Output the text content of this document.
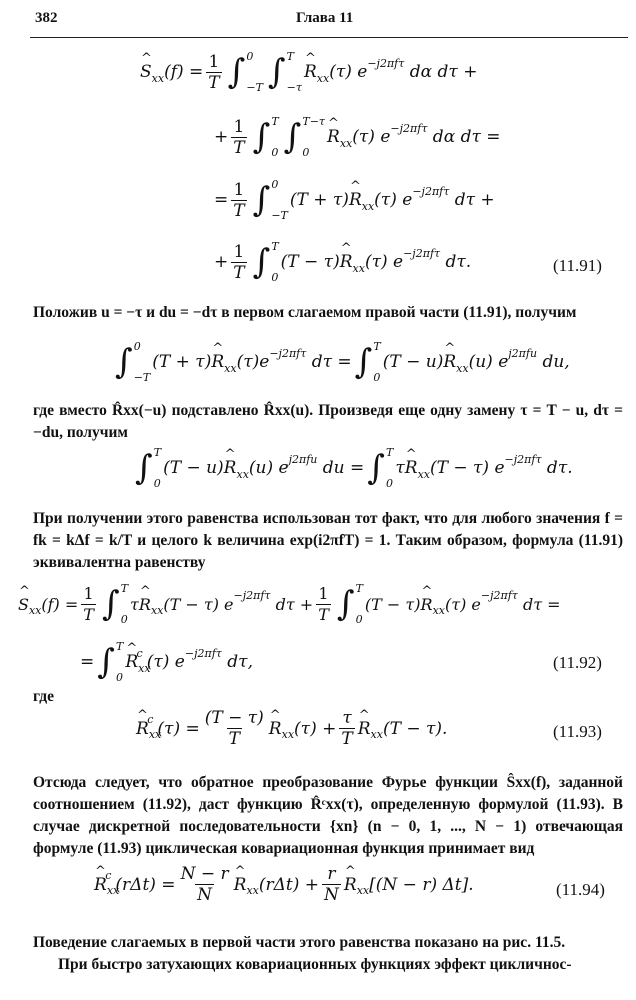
382	Глава 11
^ S xx $(f) = \frac{1}{T}$ ∫ 0
−T ∫ T
−τ
^ R xx (τ) e −j2πfτ dα dτ +
+ $\frac{1}{T}$ ∫ T
0 ∫ T−τ
0
^ R xx (τ) e −j2πfτ dα dτ =
= $\frac{1}{T}$ ∫ 0
−T
(T + τ) ^ R xx (τ) e −j2πfτ dτ +
+ $\frac{1}{T}$ ∫ T
0
(T − τ) ^ R xx (τ) e −j2πfτ dτ.	(11.91)
Положив u = −τ и du = −dτ в первом слагаемом правой части (11.91), получим
∫ 0
−T
(T + τ) ^ R xx (τ)e −j2πfτ dτ = ∫ T
0
(T − u) ^ R xx (u) e j2πfu du,
где вместо R̂xx(−u) подставлено R̂xx(u). Произведя еще одну замену τ = T − u, dτ = −du, получим
∫ T
0
(T − u) ^ R xx (u) e j2πfu du = ∫ T
0
τ ^ R xx (T − τ) e −j2πfτ dτ.
При получении этого равенства использован тот факт, что для любого значения f = fk = kΔf = k/T и целого k величина exp(i2πfT) = 1. Таким образом, формула (11.91) эквивалентна равенству
^ S xx $(f) = \frac{1}{T}$ ∫ T
0
τ ^ R xx (T − τ) e −j2πfτ $d\tau + \frac{1}{T}$ ∫ T
0
(T − τ) ^ R xx (τ) e −j2πfτ dτ =
= ∫ T
0
^ R xx
c (τ) e −j2πfτ dτ,	(11.92)
где
^ R xx
c $(\tau) = \frac{(T - \tau)}{T}$ ^ R xx $(\tau) + \frac{\tau}{T}$ ^ R xx (T − τ).	(11.93)
Отсюда следует, что обратное преобразование Фурье функции Ŝxx(f), заданной соотношением (11.92), даст функцию R̂ᶜxx(τ), определенную формулой (11.93). В случае дискретной последовательности {xn} (n − 0, 1, ..., N − 1) отвечающая формуле (11.93) циклическая ковариационная функция принимает вид
^ R xx
c $(r\Delta t) = \frac{N - r}{N}$ ^ R xx $(r\Delta t) + \frac{r}{N}$ ^ R xx [(N − r) Δt].	(11.94)
Поведение слагаемых в первой части этого равенства показано на рис. 11.5.
При быстро затухающих ковариационных функциях эффект цикличнос-
